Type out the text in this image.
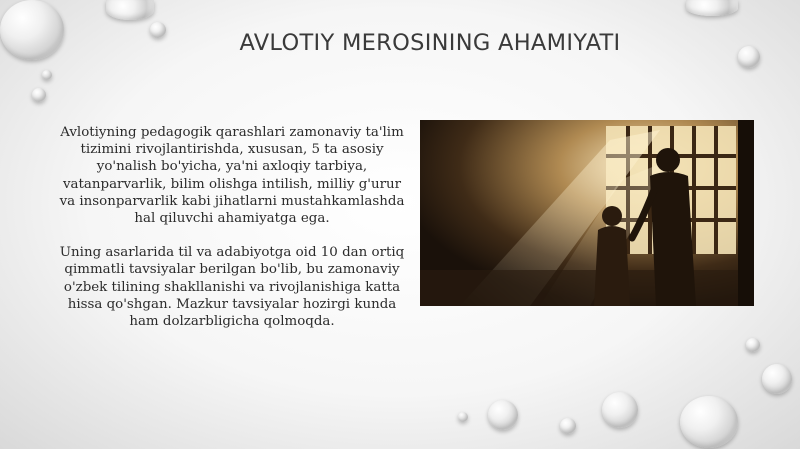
AVLOTIY MEROSINING AHAMIYATI

Avlotiyning pedagogik qarashlari zamonaviy ta'lim tizimini rivojlantirishda, xususan, 5 ta asosiy yo'nalish bo'yicha, ya'ni axloqiy tarbiya, vatanparvarlik, bilim olishga intilish, milliy g'urur va insonparvarlik kabi jihatlarni mustahkamlashda hal qiluvchi ahamiyatga ega.

Uning asarlarida til va adabiyotga oid 10 dan ortiq qimmatli tavsiyalar berilgan bo'lib, bu zamonaviy o'zbek tilining shakllanishi va rivojlanishiga katta hissa qo'shgan. Mazkur tavsiyalar hozirgi kunda ham dolzarbligicha qolmoqda.
